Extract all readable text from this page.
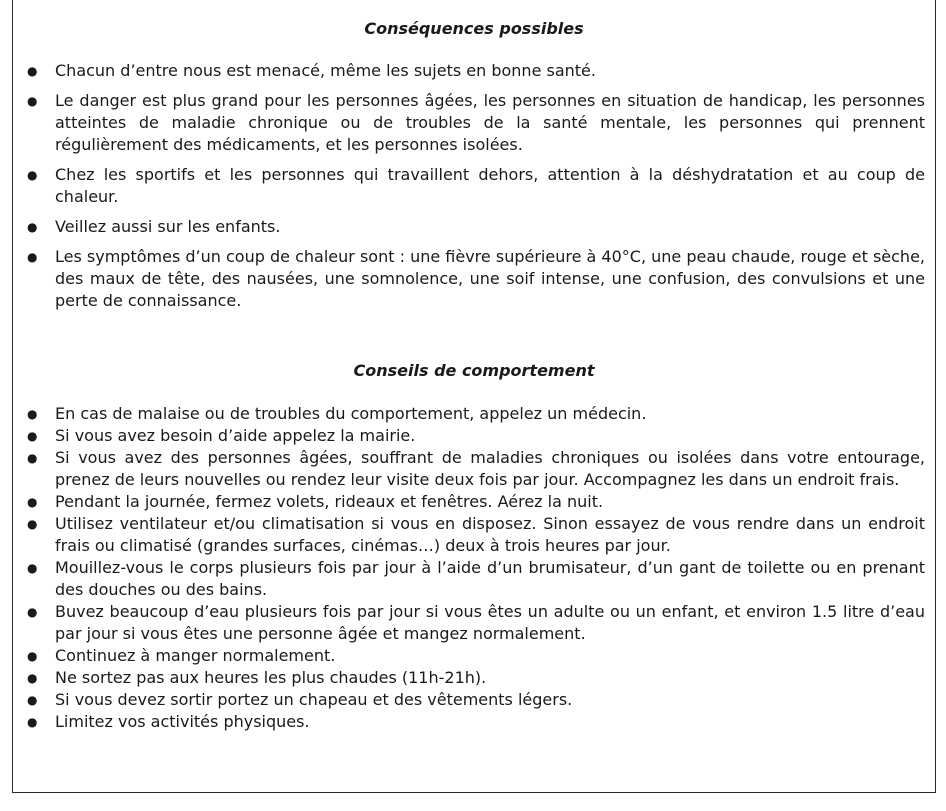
Conséquences possibles
● Chacun d’entre nous est menacé, même les sujets en bonne santé.
● Le danger est plus grand pour les personnes âgées, les personnes en situation de handicap, les personnes atteintes de maladie chronique ou de troubles de la santé mentale, les personnes qui prennent régulièrement des médicaments, et les personnes isolées.
● Chez les sportifs et les personnes qui travaillent dehors, attention à la déshydratation et au coup de chaleur.
● Veillez aussi sur les enfants.
● Les symptômes d’un coup de chaleur sont : une fièvre supérieure à 40°C, une peau chaude, rouge et sèche, des maux de tête, des nausées, une somnolence, une soif intense, une confusion, des convulsions et une perte de connaissance.
Conseils de comportement
● En cas de malaise ou de troubles du comportement, appelez un médecin.
● Si vous avez besoin d’aide appelez la mairie.
● Si vous avez des personnes âgées, souffrant de maladies chroniques ou isolées dans votre entourage, prenez de leurs nouvelles ou rendez leur visite deux fois par jour. Accompagnez les dans un endroit frais.
● Pendant la journée, fermez volets, rideaux et fenêtres. Aérez la nuit.
● Utilisez ventilateur et/ou climatisation si vous en disposez. Sinon essayez de vous rendre dans un endroit frais ou climatisé (grandes surfaces, cinémas…) deux à trois heures par jour.
● Mouillez-vous le corps plusieurs fois par jour à l’aide d’un brumisateur, d’un gant de toilette ou en prenant des douches ou des bains.
● Buvez beaucoup d’eau plusieurs fois par jour si vous êtes un adulte ou un enfant, et environ 1.5 litre d’eau par jour si vous êtes une personne âgée et mangez normalement.
● Continuez à manger normalement.
● Ne sortez pas aux heures les plus chaudes (11h-21h).
● Si vous devez sortir portez un chapeau et des vêtements légers.
● Limitez vos activités physiques.
